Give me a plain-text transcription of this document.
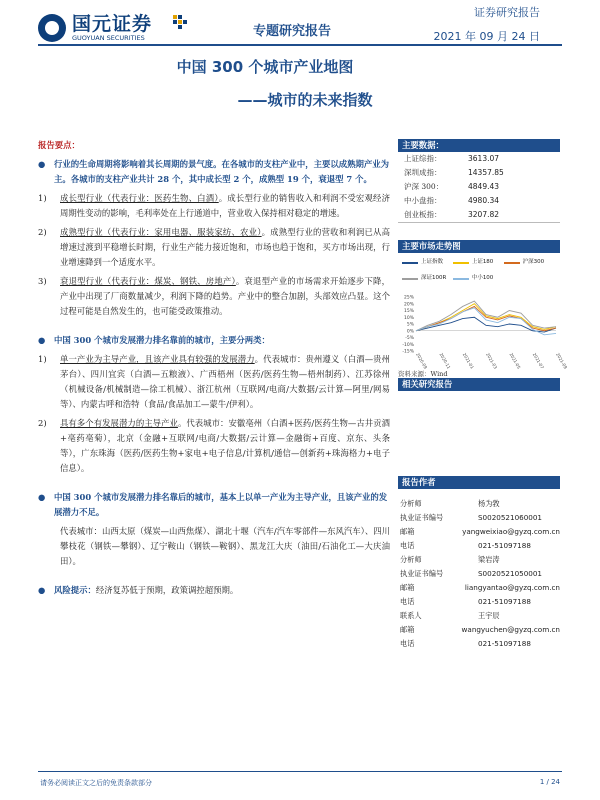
国元证券
GUOYUAN SECURITIES	专题研究报告
证券研究报告
2021 年 09 月 24 日
中国 300 个城市产业地图
——城市的未来指数
报告要点：
●	行业的生命周期将影响着其长周期的景气度。在各城市的支柱产业中，主要以成熟期产业为主。各城市的支柱产业共计 28 个，其中成长型 2 个，成熟型 19 个，衰退型 7 个。
1)	成长型行业（代表行业：医药生物、白酒）。成长型行业的销售收入和利润不受宏观经济周期性变动的影响，毛利率处在上行通道中，营业收入保持相对稳定的增速。
2)	成熟型行业（代表行业：家用电器、服装家纺、农业）。成熟型行业的营收和利润已从高增速过渡到平稳增长时期，行业生产能力接近饱和，市场也趋于饱和，买方市场出现，行业增速降到一个适度水平。
3)	衰退型行业（代表行业：煤炭、钢铁、房地产）。衰退型产业的市场需求开始逐步下降，产业中出现了厂商数量减少，利润下降的趋势。产业中的整合加剧，头部效应凸显。这个过程可能是自然发生的，也可能受政策推动。
●	中国 300 个城市发展潜力排名靠前的城市，主要分两类：
1)	单一产业为主导产业，且该产业具有较强的发展潜力。代表城市：贵州遵义（白酒—贵州茅台）、四川宜宾（白酒—五粮液）、广西梧州（医药/医药生物—梧州制药）、江苏徐州（机械设备/机械制造—徐工机械）、浙江杭州（互联网/电商/大数据/云计算—阿里/网易等）、内蒙古呼和浩特（食品/食品加工—蒙牛/伊利）。
2)	具有多个有发展潜力的主导产业。代表城市：安徽亳州（白酒+医药/医药生物—古井贡酒+亳药亳菊），北京（金融+互联网/电商/大数据/云计算—金融街+百度、京东、头条等），广东珠海（医药/医药生物+家电+电子信息/计算机/通信—创新药+珠海格力+电子信息）。
●	中国 300 个城市发展潜力排名靠后的城市，基本上以单一产业为主导产业，且该产业的发展潜力不足。
代表城市：山西太原（煤炭—山西焦煤）、湖北十堰（汽车/汽车零部件—东风汽车）、四川攀枝花（钢铁—攀钢）、辽宁鞍山（钢铁—鞍钢）、黑龙江大庆（油田/石油化工—大庆油田）。
●	风险提示：经济复苏低于预期，政策调控超预期。
主要数据：
上证综指：	3613.07
深圳成指：	14357.85
沪深 300：	4849.43
中小盘指：	4980.34
创业板指：	3207.82
主要市场走势图
上证指数	上证180	沪深300
深证100R	中小100
25%
20%
15%
10%
5%
0%
-5%
-10%
-15% 2020-09 2020-11 2021-01 2021-03 2021-05 2021-07 2021-09
资料来源：Wind
相关研究报告
报告作者
分析师	杨为敩
执业证书编号	S0020521060001
邮箱	yangweixiao@gyzq.com.cn
电话	021-51097188
分析师	梁岩涛
执业证书编号	S0020521050001
邮箱	liangyantao@gyzq.com.cn
电话	021-51097188
联系人	王宇辰
邮箱	wangyuchen@gyzq.com.cn
电话	021-51097188
请务必阅读正文之后的免责条款部分	1 / 24
